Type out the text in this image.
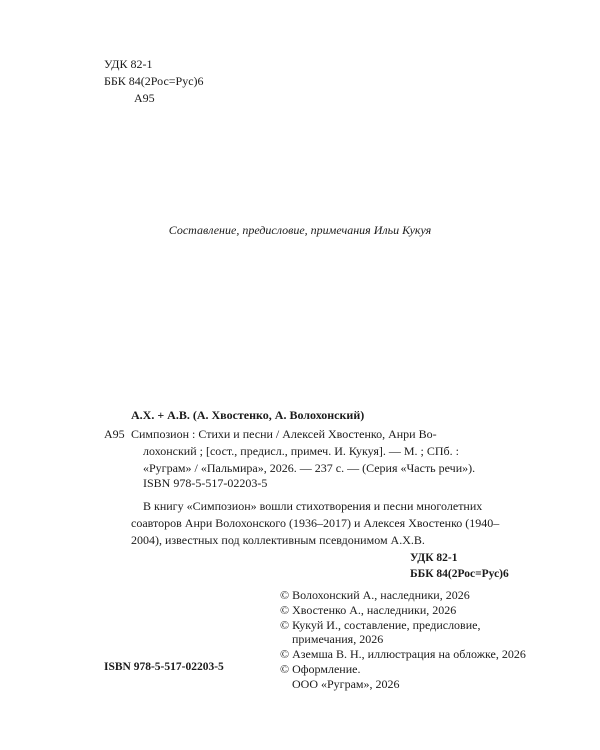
УДК 82-1
ББК 84(2Рос=Рус)6
А95
Составление, предисловие, примечания Ильи Кукуя
А.Х. + А.В. (А. Хвостенко, А. Волохонский)
А95 Симпозион : Стихи и песни / Алексей Хвостенко, Анри Во-
лохонский ; [сост., предисл., примеч. И. Кукуя]. — М. ; СПб. :
«Руграм» / «Пальмира», 2026. — 237 с. — (Серия «Часть речи»).
ISBN 978-5-517-02203-5
В книгу «Симпозион» вошли стихотворения и песни многолетних соавторов Анри Волохонского (1936–2017) и Алексея Хвостенко (1940–2004), известных под коллективным псевдонимом А.Х.В.
УДК 82-1
ББК 84(2Рос=Рус)6
© Волохонский А., наследники, 2026
© Хвостенко А., наследники, 2026
© Кукуй И., составление, предисловие,
примечания, 2026
© Аземша В. Н., иллюстрация на обложке, 2026
© Оформление.
ООО «Руграм», 2026
ISBN 978-5-517-02203-5
